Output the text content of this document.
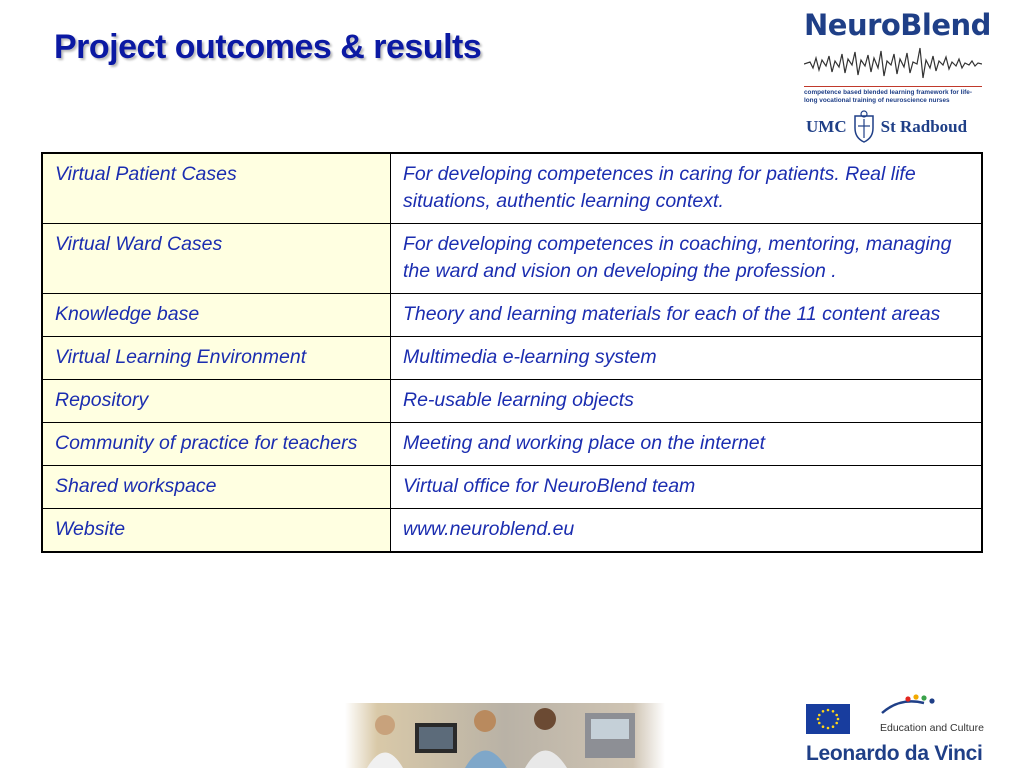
Project outcomes & results
NeuroBlend
competence based blended learning framework for life-long vocational training of neuroscience nurses
UMC St Radboud
Virtual Patient Cases	For developing competences in caring for patients. Real life situations, authentic learning context.
Virtual Ward Cases	For developing competences in coaching, mentoring, managing the ward and vision on developing the profession .
Knowledge base	Theory and learning materials for each of the 11 content areas
Virtual Learning Environment	Multimedia e-learning system
Repository	Re-usable learning objects
Community of practice for teachers	Meeting and working place on the internet
Shared workspace	Virtual office for NeuroBlend team
Website	www.neuroblend.eu
Education and Culture
Leonardo da Vinci
